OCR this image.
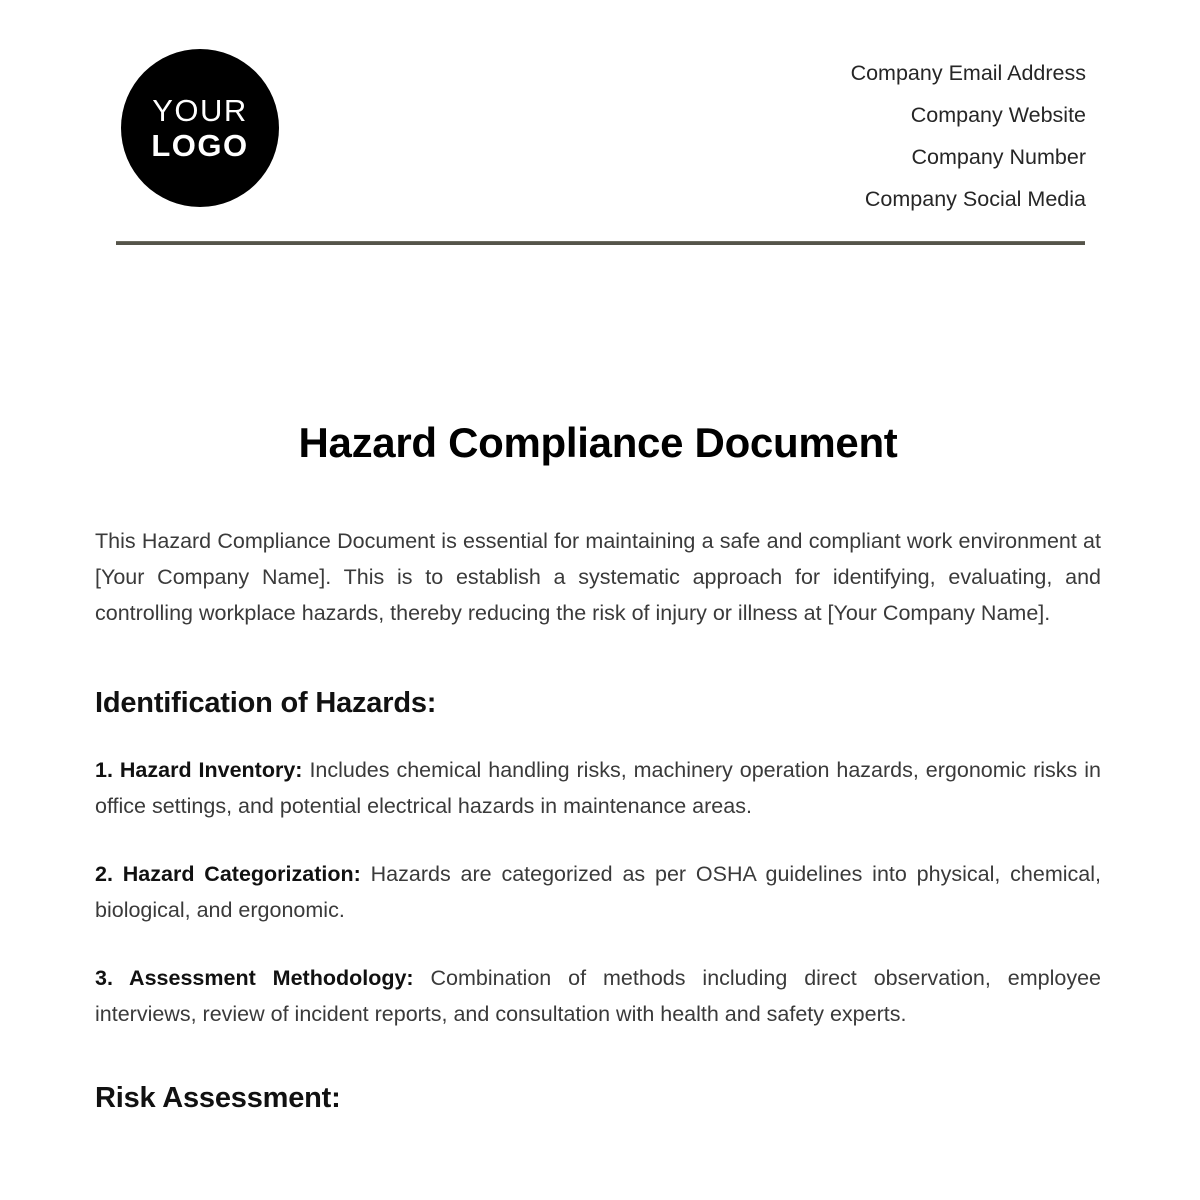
YOUR
LOGO
Company Email Address
Company Website
Company Number
Company Social Media
Hazard Compliance Document

This Hazard Compliance Document is essential for maintaining a safe and compliant work environment at [Your Company Name]. This is to establish a systematic approach for identifying, evaluating, and controlling workplace hazards, thereby reducing the risk of injury or illness at [Your Company Name].

Identification of Hazards:

1. Hazard Inventory: Includes chemical handling risks, machinery operation hazards, ergonomic risks in office settings, and potential electrical hazards in maintenance areas.

2. Hazard Categorization: Hazards are categorized as per OSHA guidelines into physical, chemical, biological, and ergonomic.

3. Assessment Methodology: Combination of methods including direct observation, employee interviews, review of incident reports, and consultation with health and safety experts.

Risk Assessment:
